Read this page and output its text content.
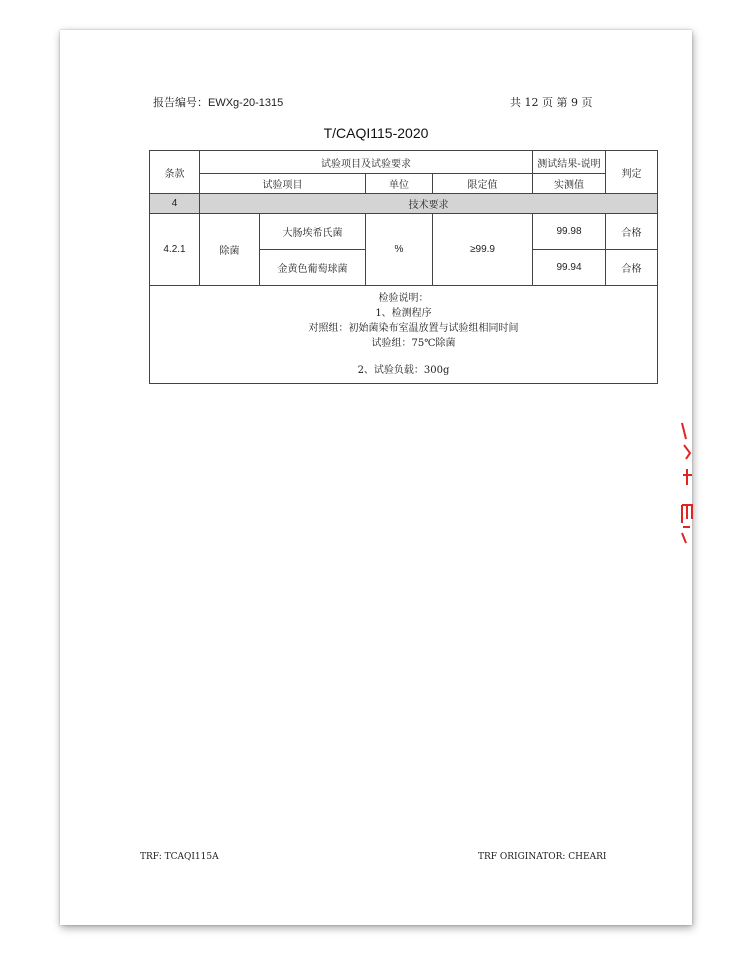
报告编号：EWXg-20-1315	共 12 页 第 9 页
T/CAQI115-2020
条款	试验项目及试验要求				测试结果-说明	判定
	试验项目		单位	限定值	实测值	
4	技术要求					
4.2.1	除菌	大肠埃希氏菌	%	≥99.9	99.98	合格
		金黄色葡萄球菌			99.94	合格

检验说明：
1、检测程序
对照组：初始菌染布室温放置与试验组相同时间
试验组：75℃除菌
2、试验负载：300g						
TRF: TCAQI115A	TRF ORIGINATOR: CHEARI
